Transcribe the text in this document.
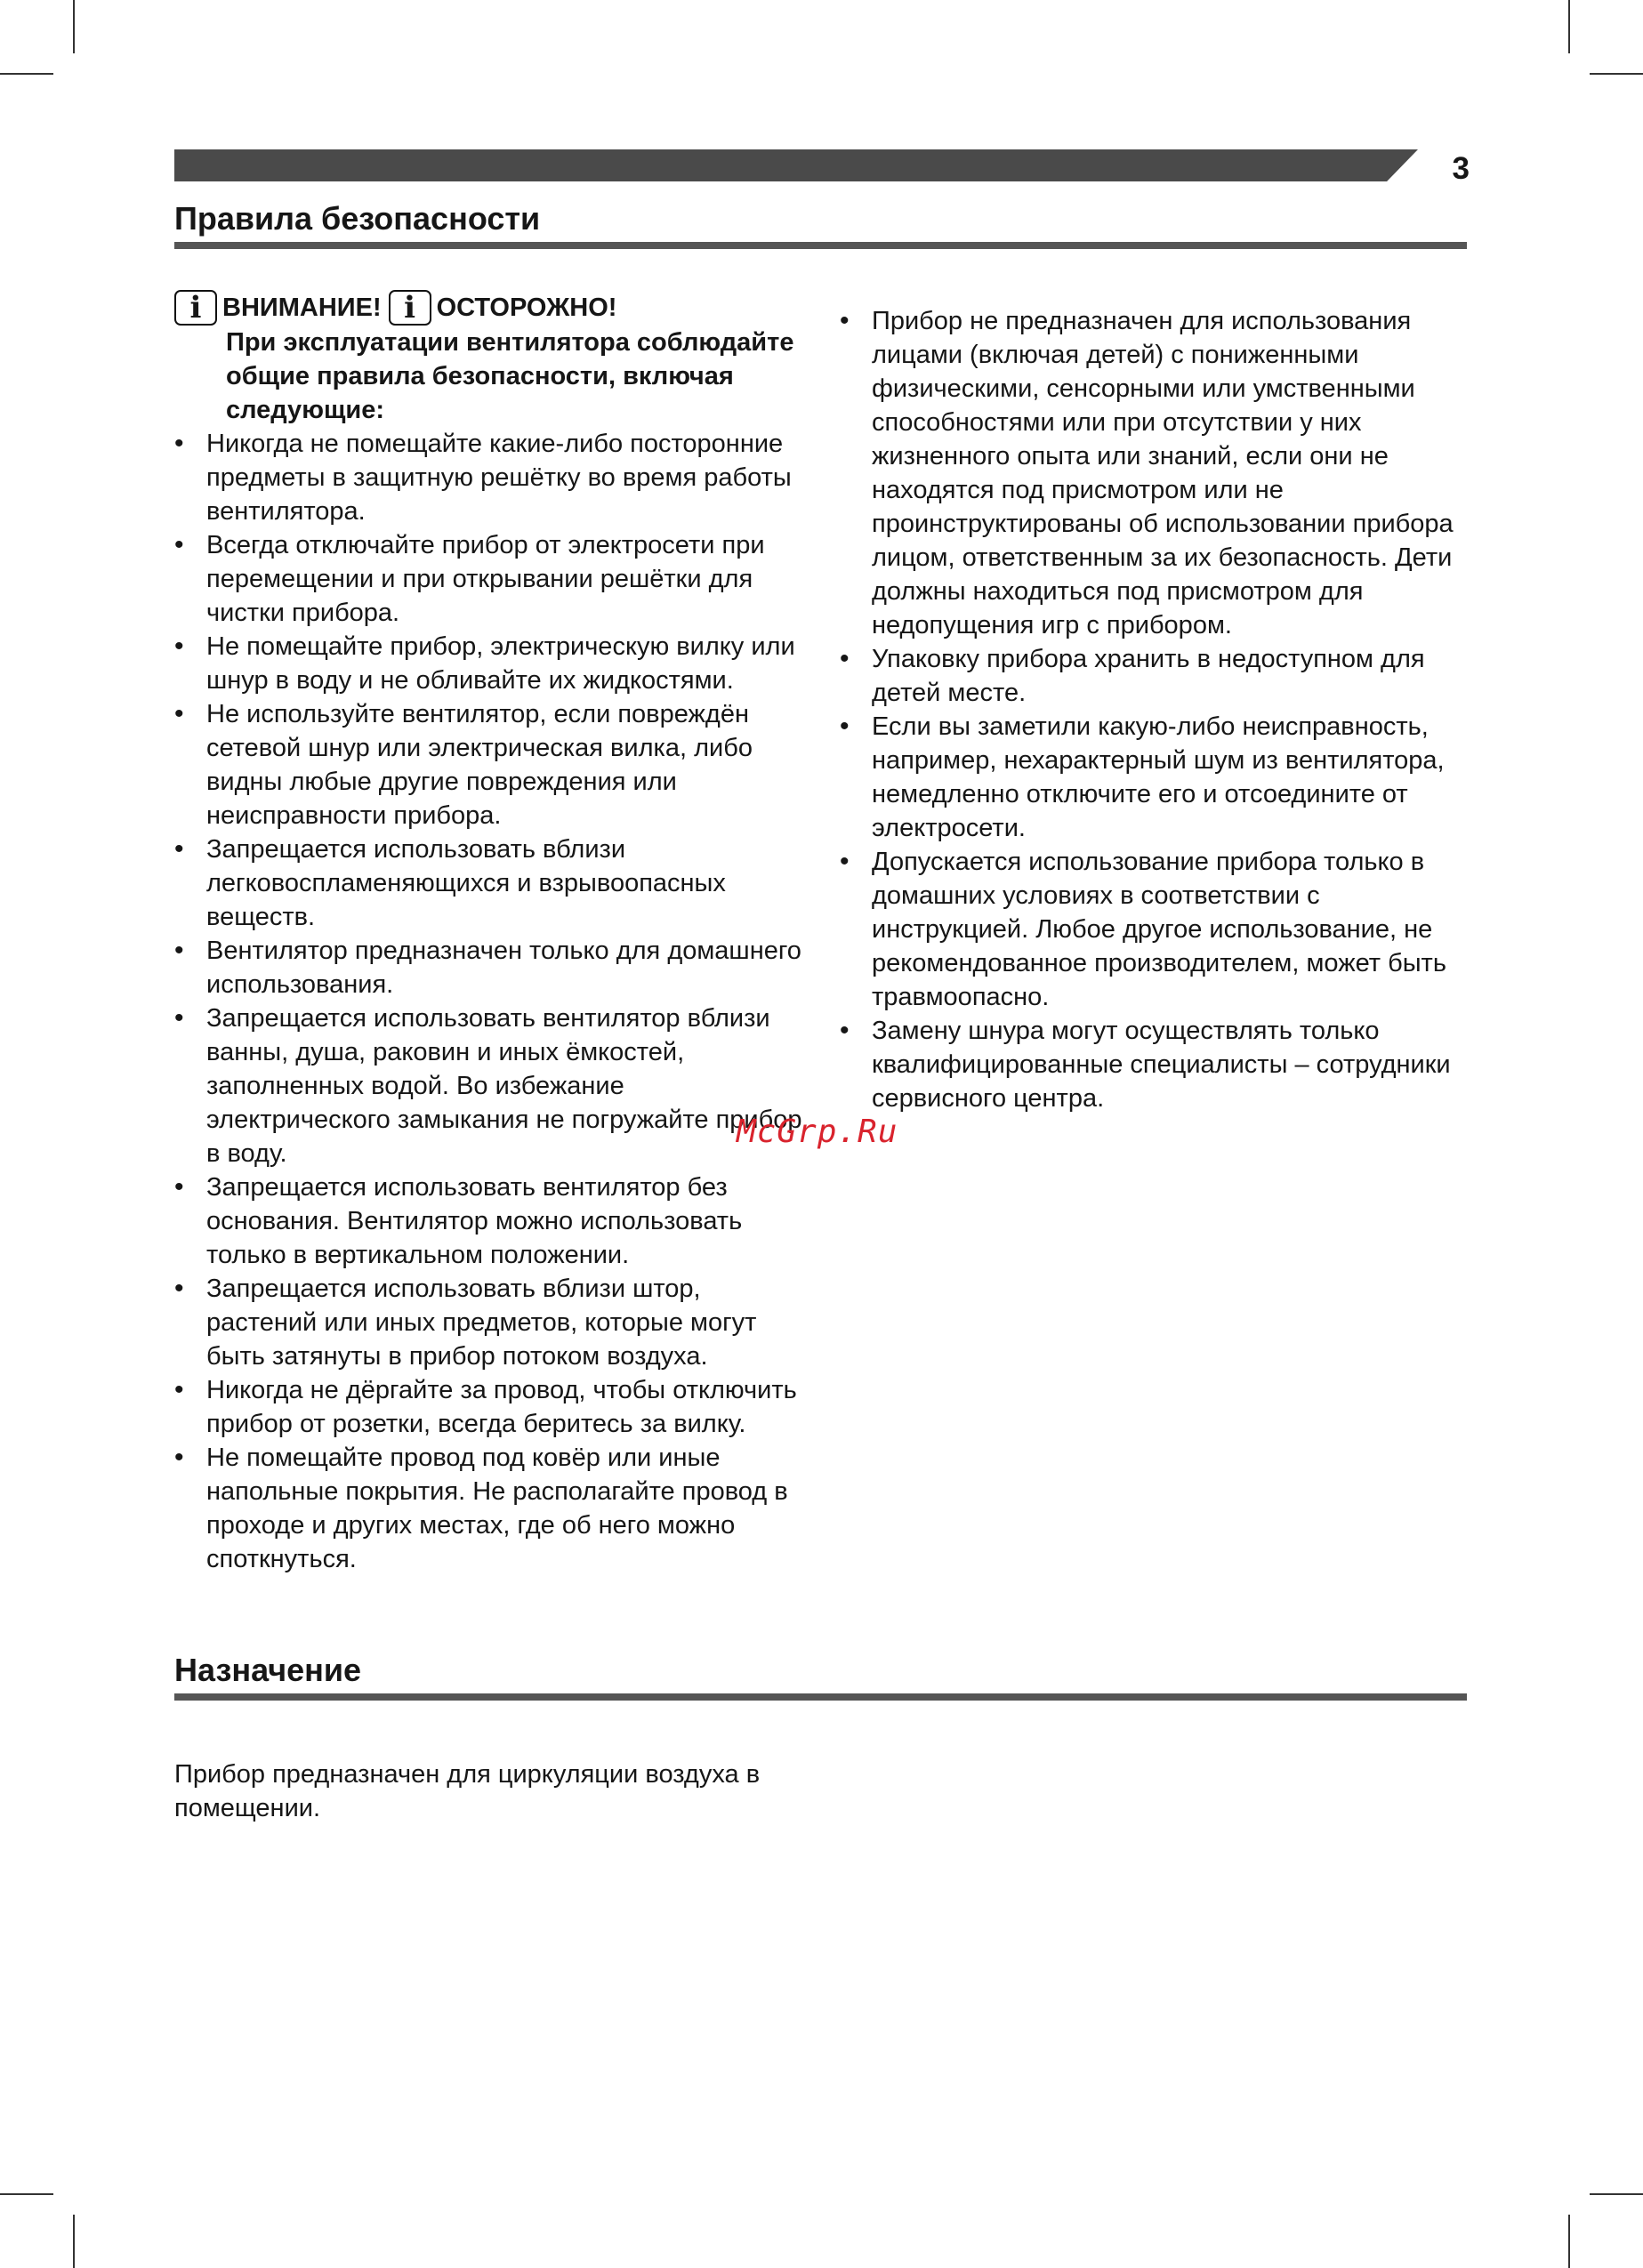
3
Правила безопасности
i ВНИМАНИЕ! i ОСТОРОЖНО!
При эксплуатации вентилятора соблюдайте общие правила безопасности, включая следующие:
• Никогда не помещайте какие-либо посторонние предметы в защитную решётку во время работы вентилятора.
• Всегда отключайте прибор от электросети при перемещении и при открывании решётки для чистки прибора.
• Не помещайте прибор, электрическую вилку или шнур в воду и не обливайте их жидкостями.
• Не используйте вентилятор, если повреждён сетевой шнур или электрическая вилка, либо видны любые другие повреждения или неисправности прибора.
• Запрещается использовать вблизи легковоспламеняющихся и взрывоопасных веществ.
• Вентилятор предназначен только для домашнего использования.
• Запрещается использовать вентилятор вблизи ванны, душа, раковин и иных ёмкостей, заполненных водой. Во избежание электрического замыкания не погружайте прибор в воду.
• Запрещается использовать вентилятор без основания. Вентилятор можно использовать только в вертикальном положении.
• Запрещается использовать вблизи штор, растений или иных предметов, которые могут быть затянуты в прибор потоком воздуха.
• Никогда не дёргайте за провод, чтобы отключить прибор от розетки, всегда беритесь за вилку.
• Не помещайте провод под ковёр или иные напольные покрытия. Не располагайте провод в проходе и других местах, где об него можно споткнуться.
• Прибор не предназначен для использования лицами (включая детей) с пониженными физическими, сенсорными или умственными способностями или при отсутствии у них жизненного опыта или знаний, если они не находятся под присмотром или не проинструктированы об использовании прибора лицом, ответственным за их безопасность. Дети должны находиться под присмотром для недопущения игр с прибором.
• Упаковку прибора хранить в недоступном для детей месте.
• Если вы заметили какую-либо неисправность, например, нехарактерный шум из вентилятора, немедленно отключите его и отсоедините от электросети.
• Допускается использование прибора только в домашних условиях в соответствии с инструкцией. Любое другое использование, не рекомендованное производителем, может быть травмоопасно.
• Замену шнура могут осуществлять только квалифицированные специалисты – сотрудники сервисного центра.
Назначение
Прибор предназначен для циркуляции воздуха в помещении.
McGrp.Ru
